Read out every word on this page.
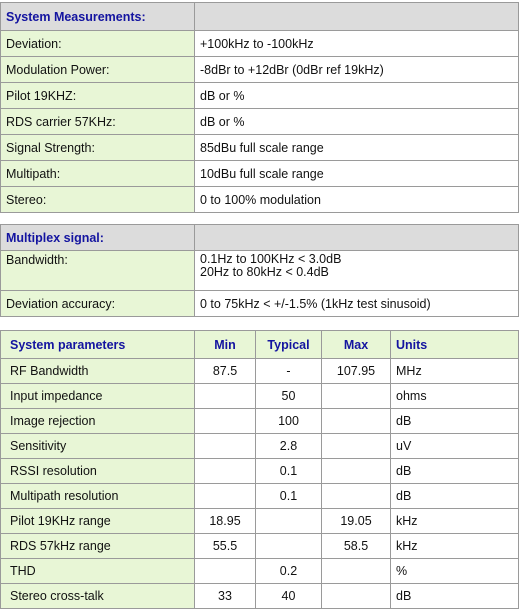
System Measurements:	
Deviation:	+100kHz to -100kHz
Modulation Power:	-8dBr to +12dBr (0dBr ref 19kHz)
Pilot 19KHZ:	dB or %
RDS carrier 57KHz:	dB or %
Signal Strength:	85dBu full scale range
Multipath:	10dBu full scale range
Stereo:	0 to 100% modulation
Multiplex signal:	
Bandwidth:	0.1Hz to 100KHz < 3.0dB
20Hz to 80kHz < 0.4dB

Deviation accuracy:	0 to 75kHz < +/-1.5% (1kHz test sinusoid)
System parameters	Min	Typical	Max	Units
RF Bandwidth	87.5	-	107.95	MHz
Input impedance		50		ohms
Image rejection		100		dB
Sensitivity		2.8		uV
RSSI resolution		0.1		dB
Multipath resolution		0.1		dB
Pilot 19KHz range	18.95		19.05	kHz
RDS 57kHz range	55.5		58.5	kHz
THD		0.2		%
Stereo cross-talk	33	40		dB
